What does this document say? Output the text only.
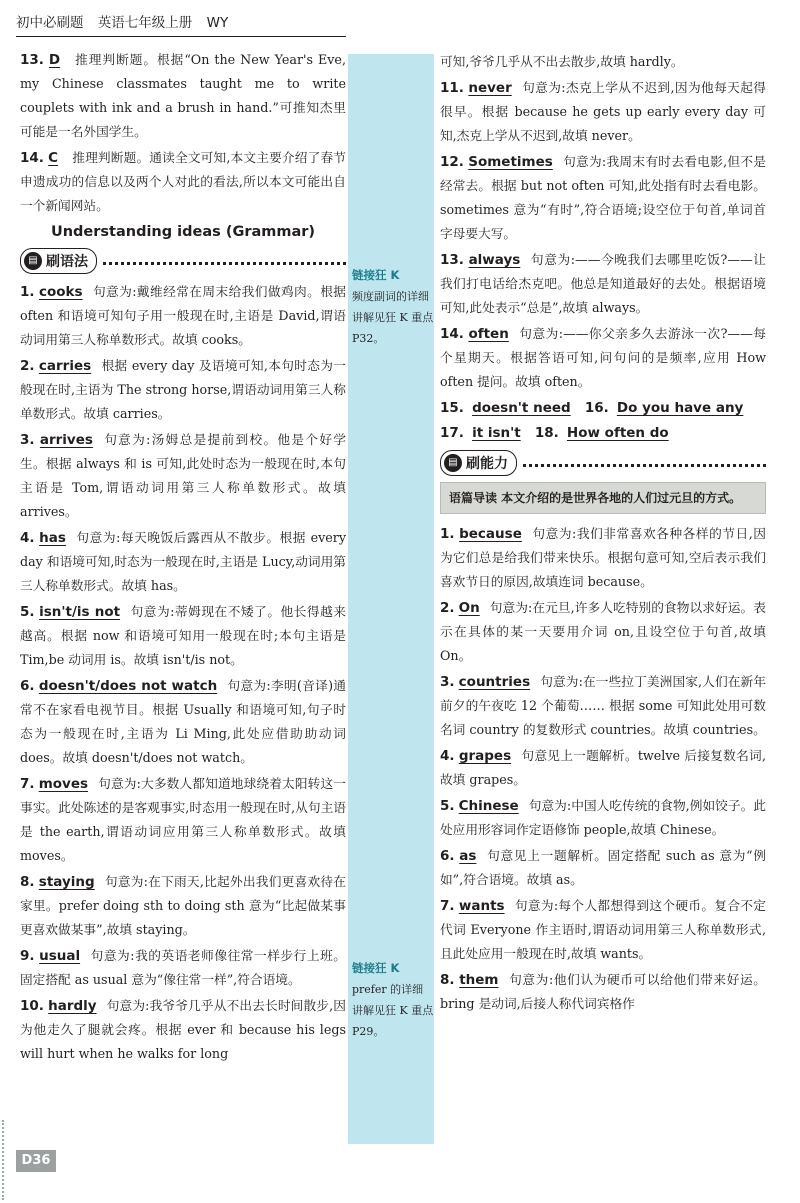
初中必刷题 英语七年级上册 WY
链接狂 K
频度副词的详细讲解见狂 K 重点 P32。
链接狂 K
prefer 的详细讲解见狂 K 重点 P29。
13. D 推理判断题。根据“On the New Year's Eve, my Chinese classmates taught me to write couplets with ink and a brush in hand.”可推知杰里可能是一名外国学生。
14. C 推理判断题。通读全文可知,本文主要介绍了春节申遗成功的信息以及两个人对此的看法,所以本文可能出自一个新闻网站。
Understanding ideas (Grammar)
▤ 刷语法
1. cooks 句意为:戴维经常在周末给我们做鸡肉。根据 often 和语境可知句子用一般现在时,主语是 David,谓语动词用第三人称单数形式。故填 cooks。
2. carries 根据 every day 及语境可知,本句时态为一般现在时,主语为 The strong horse,谓语动词用第三人称单数形式。故填 carries。
3. arrives 句意为:汤姆总是提前到校。他是个好学生。根据 always 和 is 可知,此处时态为一般现在时,本句主语是 Tom,谓语动词用第三人称单数形式。故填 arrives。
4. has 句意为:每天晚饭后露西从不散步。根据 every day 和语境可知,时态为一般现在时,主语是 Lucy,动词用第三人称单数形式。故填 has。
5. isn't/is not 句意为:蒂姆现在不矮了。他长得越来越高。根据 now 和语境可知用一般现在时;本句主语是 Tim,be 动词用 is。故填 isn't/is not。
6. doesn't/does not watch 句意为:李明(音译)通常不在家看电视节目。根据 Usually 和语境可知,句子时态为一般现在时,主语为 Li Ming,此处应借助助动词 does。故填 doesn't/does not watch。
7. moves 句意为:大多数人都知道地球绕着太阳转这一事实。此处陈述的是客观事实,时态用一般现在时,从句主语是 the earth,谓语动词应用第三人称单数形式。故填 moves。
8. staying 句意为:在下雨天,比起外出我们更喜欢待在家里。prefer doing sth to doing sth 意为“比起做某事更喜欢做某事”,故填 staying。
9. usual 句意为:我的英语老师像往常一样步行上班。固定搭配 as usual 意为“像往常一样”,符合语境。
10. hardly 句意为:我爷爷几乎从不出去长时间散步,因为他走久了腿就会疼。根据 ever 和 because his legs will hurt when he walks for long
可知,爷爷几乎从不出去散步,故填 hardly。
11. never 句意为:杰克上学从不迟到,因为他每天起得很早。根据 because he gets up early every day 可知,杰克上学从不迟到,故填 never。
12. Sometimes 句意为:我周末有时去看电影,但不是经常去。根据 but not often 可知,此处指有时去看电影。sometimes 意为“有时”,符合语境;设空位于句首,单词首字母要大写。
13. always 句意为:——今晚我们去哪里吃饭?——让我们打电话给杰克吧。他总是知道最好的去处。根据语境可知,此处表示“总是”,故填 always。
14. often 句意为:——你父亲多久去游泳一次?——每个星期天。根据答语可知,问句问的是频率,应用 How often 提问。故填 often。
15. doesn't need 16. Do you have any
17. it isn't 18. How often do
▤ 刷能力
语篇导读 本文介绍的是世界各地的人们过元旦的方式。
1. because 句意为:我们非常喜欢各种各样的节日,因为它们总是给我们带来快乐。根据句意可知,空后表示我们喜欢节日的原因,故填连词 because。
2. On 句意为:在元旦,许多人吃特别的食物以求好运。表示在具体的某一天要用介词 on,且设空位于句首,故填 On。
3. countries 句意为:在一些拉丁美洲国家,人们在新年前夕的午夜吃 12 个葡萄…… 根据 some 可知此处用可数名词 country 的复数形式 countries。故填 countries。
4. grapes 句意见上一题解析。twelve 后接复数名词,故填 grapes。
5. Chinese 句意为:中国人吃传统的食物,例如饺子。此处应用形容词作定语修饰 people,故填 Chinese。
6. as 句意见上一题解析。固定搭配 such as 意为“例如”,符合语境。故填 as。
7. wants 句意为:每个人都想得到这个硬币。复合不定代词 Everyone 作主语时,谓语动词用第三人称单数形式,且此处应用一般现在时,故填 wants。
8. them 句意为:他们认为硬币可以给他们带来好运。bring 是动词,后接人称代词宾格作
D36
